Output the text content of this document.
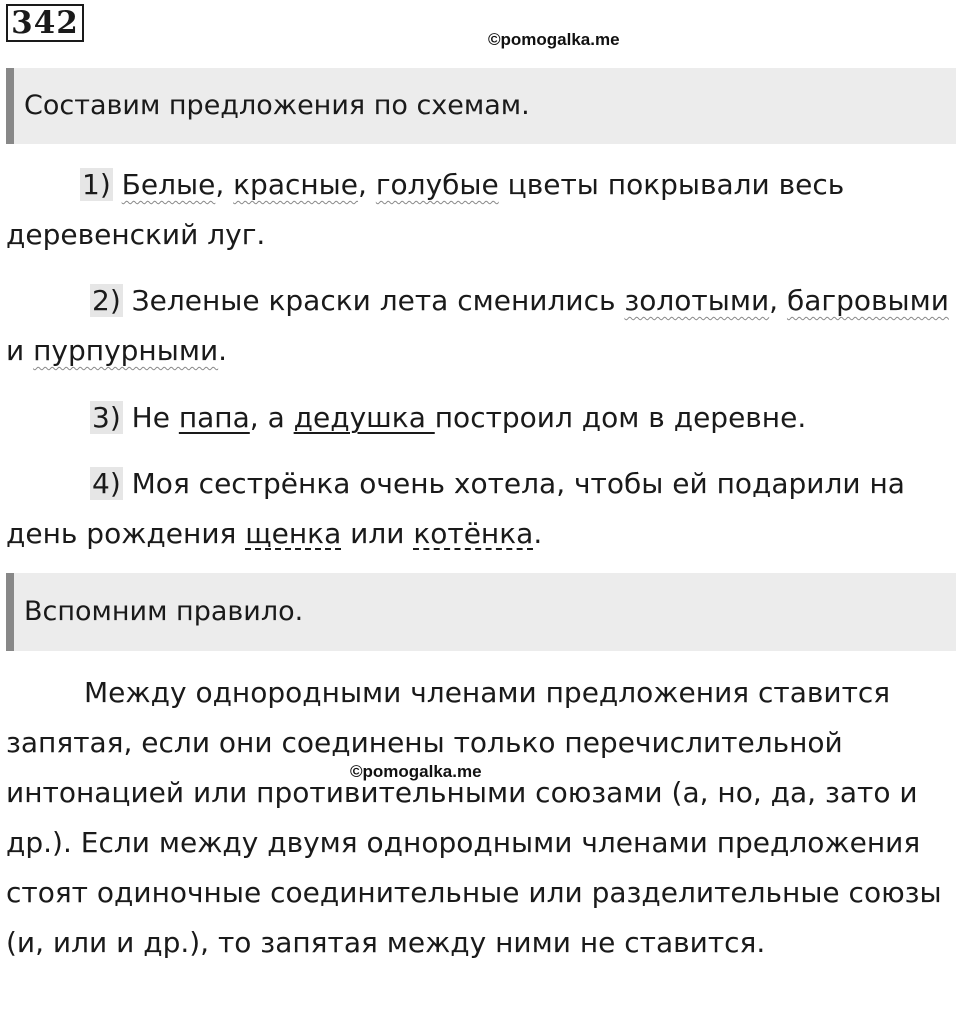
342	©pomogalka.me
Составим предложения по схемам.

1) Белые, красные, голубые цветы покрывали весь деревенский луг.

2) Зеленые краски лета сменились золотыми, багровыми и пурпурными.

3) Не папа, а дедушка построил дом в деревне.

4) Моя сестрёнка очень хотела, чтобы ей подарили на день рождения щенка или котёнка.

Вспомним правило.

Между однородными членами предложения ставится запятая, если они соединены только перечислительной интонацией или противительными союзами (а, но, да, зато и др.). Если между двумя однородными членами предложения стоят одиночные соединительные или разделительные союзы (и, или и др.), то запятая между ними не ставится.

©pomogalka.me
